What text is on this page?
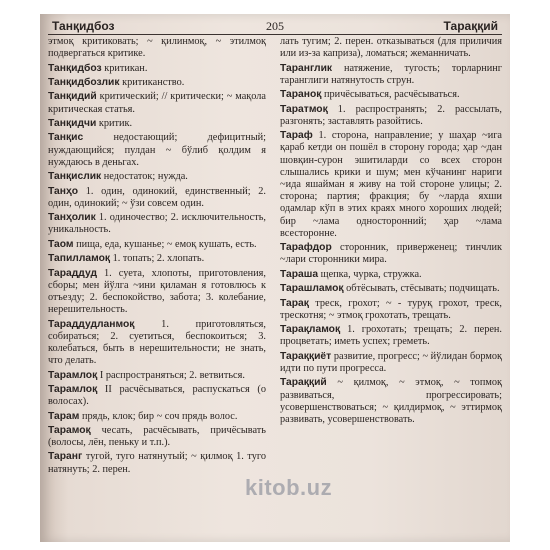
Танқидбоз	205	Тараққий

этмоқ критиковать; ~ қилинмоқ, ~ этилмоқ подвергаться критике.

Танқидбоз критикан.

Танқидбозлик критиканство.

Танқидий критический; // критически; ~ мақола критическая статья.

Танқидчи критик.

Танқис недостающий; дефицитный; нуждающийся; пулдан ~ бўлиб қолдим я нуждаюсь в деньгах.

Танқислик недостаток; нужда.

Танҳо 1. один, одинокий, единственный; 2. один, одинокий; ~ ўзи совсем один.

Танҳолик 1. одиночество; 2. исключительность, уникальность.

Таом пища, еда, кушанье; ~ емоқ кушать, есть.

Тапилламоқ 1. топать; 2. хлопать.

Тараддуд 1. суета, хлопоты, приготовления, сборы; мен йўлга ~ини қиламан я готовлюсь к отъезду; 2. беспокойство, забота; 3. колебание, нерешительность.

Тараддудланмоқ 1. приготовляться, собираться; 2. суетиться, беспокоиться; 3. колебаться, быть в нерешительности; не знать, что делать.

Тарамлоқ I распространяться; 2. ветвиться.

Тарамлоқ II расчёсываться, распускаться (о волосах).

Тарам прядь, клок; бир ~ соч прядь волос.

Тарамоқ чесать, расчёсывать, причёсывать (волосы, лён, пеньку и т.п.).

Таранг тугой, туго натянутый; ~ қилмоқ 1. туго натянуть; 2. перен.

лать тугим; 2. перен. отказываться (для приличия или из-за каприза), ломаться; жеманничать.

Таранглик натяжение, тугость; торларнинг таранглиги натянутость струн.

Тараноқ причёсываться, расчёсываться.

Таратмоқ 1. распространять; 2. рассылать, разгонять; заставлять разойтись.

Тараф 1. сторона, направление; у шаҳар ~ига қараб кетди он пошёл в сторону города; ҳар ~дан шовқин-сурон эшитиларди со всех сторон слышались крики и шум; мен кўчанинг нариги ~ида яшайман я живу на той стороне улицы; 2. сторона; партия; фракция; бу ~ларда яхши одамлар кўп в этих краях много хороших людей; бир ~лама односторонний; ҳар ~лама всесторонне.

Тарафдор сторонник, приверженец; тинчлик ~лари сторонники мира.

Тараша щепка, чурка, стружка.

Тарашламоқ обтёсывать, стёсывать; подчищать.

Тарақ треск, грохот; ~ - туруқ грохот, треск, трескотня; ~ этмоқ грохотать, трещать.

Тарақламоқ 1. грохотать; трещать; 2. перен. процветать; иметь успех; греметь.

Тараққиёт развитие, прогресс; ~ йўлидан бормоқ идти по пути прогресса.

Тараққий ~ қилмоқ, ~ этмоқ, ~ топмоқ развиваться, прогрессировать; усовершенствоваться; ~ қилдирмоқ, ~ эттирмоқ развивать, усовершенствовать.

kitob.uz
